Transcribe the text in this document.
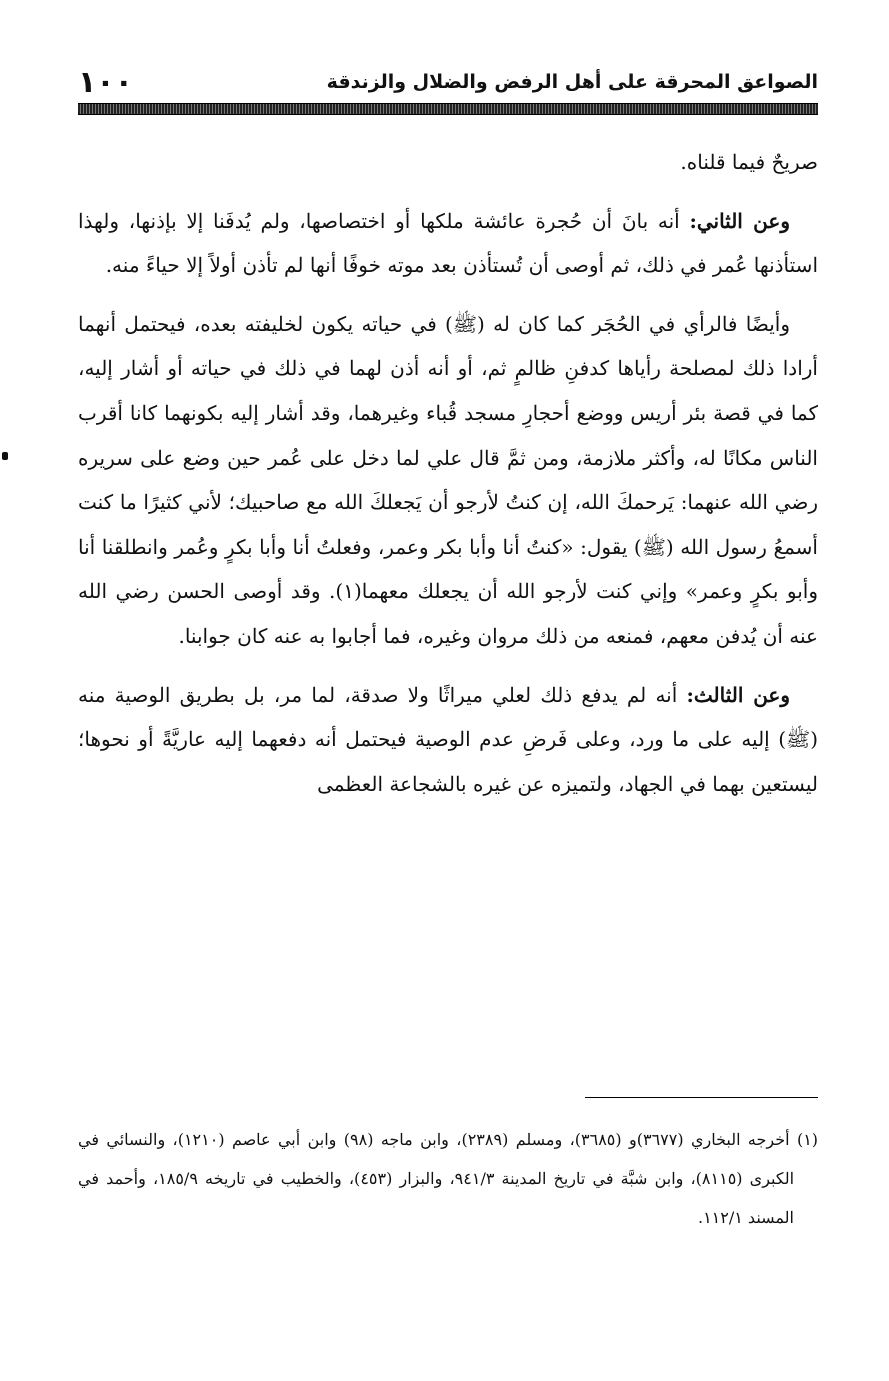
الصواعق المحرقة على أهل الرفض والضلال والزندقة
١٠٠

صريحٌ فيما قلناه.

وعن الثاني: أنه بانَ أن حُجرة عائشة ملكها أو اختصاصها، ولم يُدفَنا إلا بإذنها، ولهذا استأذنها عُمر في ذلك، ثم أوصى أن تُستأذن بعد موته خوفًا أنها لم تأذن أولاً إلا حياءً منه.

وأيضًا فالرأي في الحُجَر كما كان له (ﷺ) في حياته يكون لخليفته بعده، فيحتمل أنهما أرادا ذلك لمصلحة رأياها كدفنِ ظالمٍ ثم، أو أنه أذن لهما في ذلك في حياته أو أشار إليه، كما في قصة بئر أريس ووضع أحجارِ مسجد قُباء وغيرهما، وقد أشار إليه بكونهما كانا أقرب الناس مكانًا له، وأكثر ملازمة، ومن ثمَّ قال علي لما دخل على عُمر حين وضع على سريره رضي الله عنهما: يَرحمكَ الله، إن كنتُ لأرجو أن يَجعلكَ الله مع صاحبيك؛ لأني كثيرًا ما كنت أسمعُ رسول الله (ﷺ) يقول: «كنتُ أنا وأبا بكر وعمر، وفعلتُ أنا وأبا بكرٍ وعُمر وانطلقنا أنا وأبو بكرٍ وعمر» وإني كنت لأرجو الله أن يجعلك معهما(١). وقد أوصى الحسن رضي الله عنه أن يُدفن معهم، فمنعه من ذلك مروان وغيره، فما أجابوا به عنه كان جوابنا.

وعن الثالث: أنه لم يدفع ذلك لعلي ميراثًا ولا صدقة، لما مر، بل بطريق الوصية منه (ﷺ) إليه على ما ورد، وعلى فَرضِ عدم الوصية فيحتمل أنه دفعهما إليه عاريَّةً أو نحوها؛ ليستعين بهما في الجهاد، ولتميزه عن غيره بالشجاعة العظمى

(١) أخرجه البخاري (٣٦٧٧)و (٣٦٨٥)، ومسلم (٢٣٨٩)، وابن ماجه (٩٨) وابن أبي عاصم (١٢١٠)، والنسائي في الكبرى (٨١١٥)، وابن شبَّة في تاريخ المدينة ٩٤١/٣، والبزار (٤٥٣)، والخطيب في تاريخه ١٨٥/٩، وأحمد في المسند ١١٢/١.
